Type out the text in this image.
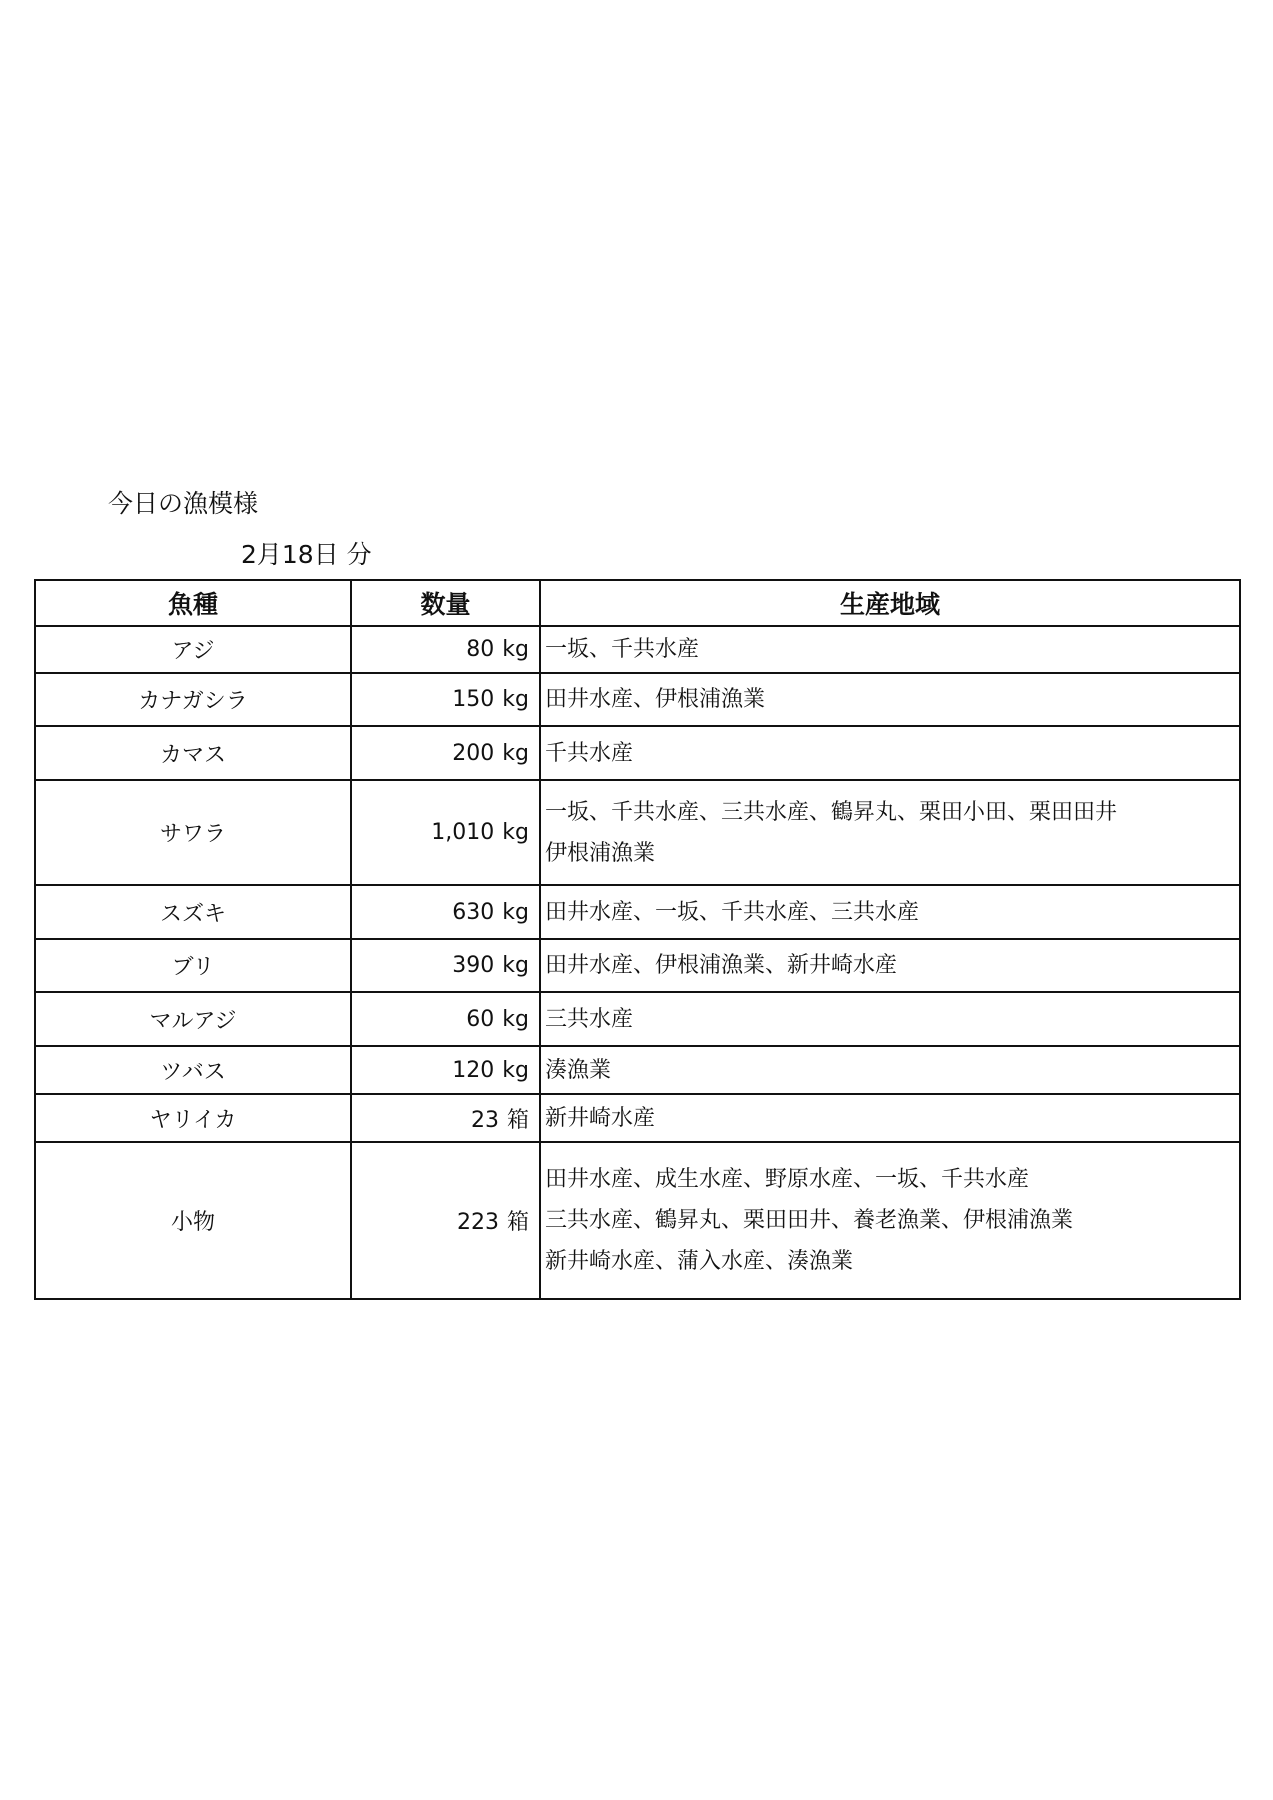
今日の漁模様
2月18日 分
魚種	数量	生産地域
アジ	80 kg	一坂、千共水産

カナガシラ	150 kg	田井水産、伊根浦漁業

カマス	200 kg	千共水産

サワラ	1,010 kg	一坂、千共水産、三共水産、鶴昇丸、栗田小田、栗田田井
伊根浦漁業

スズキ	630 kg	田井水産、一坂、千共水産、三共水産

ブリ	390 kg	田井水産、伊根浦漁業、新井崎水産

マルアジ	60 kg	三共水産

ツバス	120 kg	湊漁業

ヤリイカ	23 箱	新井崎水産

小物	223 箱	田井水産、成生水産、野原水産、一坂、千共水産
三共水産、鶴昇丸、栗田田井、養老漁業、伊根浦漁業
新井崎水産、蒲入水産、湊漁業
